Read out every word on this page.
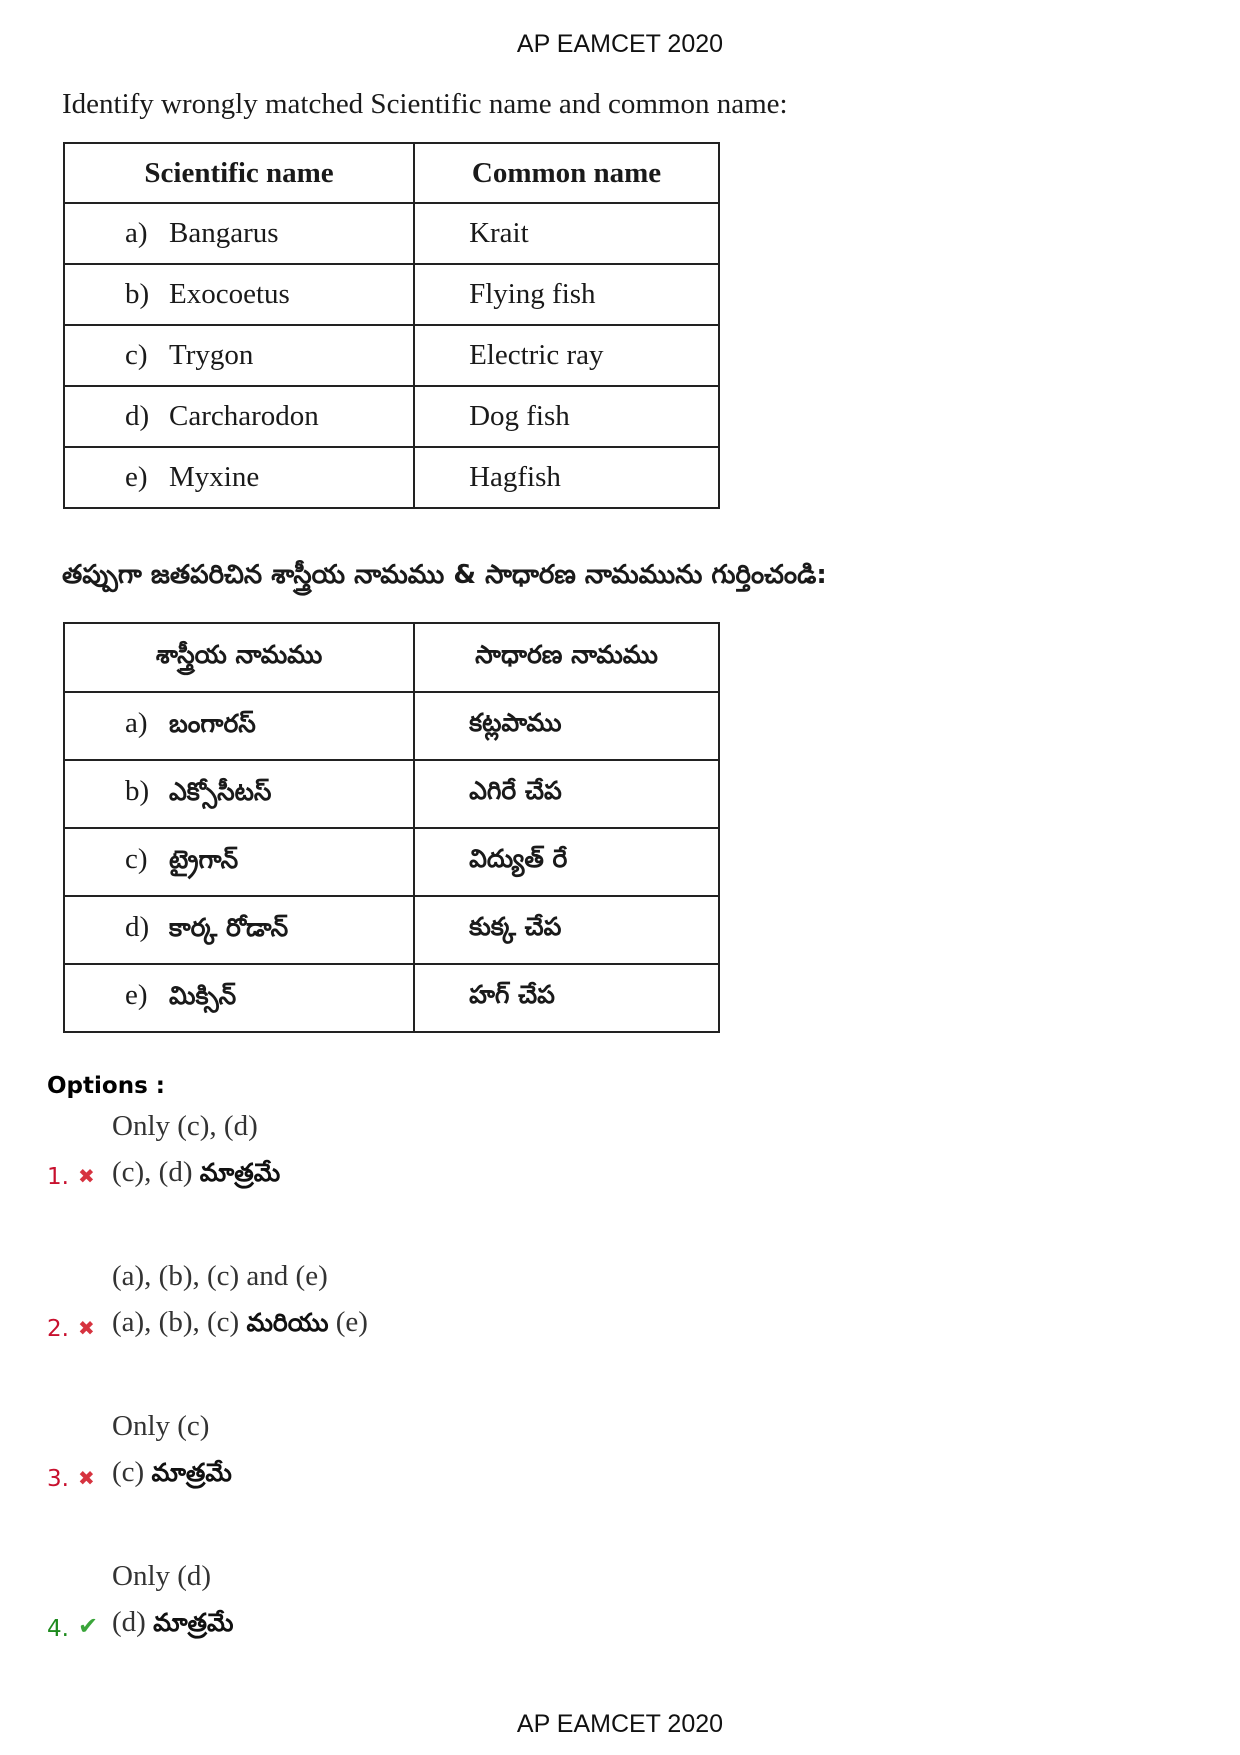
AP EAMCET 2020
Identify wrongly matched Scientific name and common name:
Scientific name	Common name
a) Bangarus	Krait
b) Exocoetus	Flying fish
c) Trygon	Electric ray
d) Carcharodon	Dog fish
e) Myxine	Hagfish
తప్పుగా జతపరిచిన శాస్త్రీయ నామము & సాధారణ నామమును గుర్తించండి:
శాస్త్రీయ నామము	సాధారణ నామము
a) బంగారస్	కట్లపాము
b) ఎక్సోసీటస్	ఎగిరే చేప
c) ట్రైగాన్	విద్యుత్ రే
d) కార్క రోడాన్	కుక్క చేప
e) మిక్సిన్	హగ్ చేప
Options :
Only (c), (d)
1. ✖ (c), (d) మాత్రమే
(a), (b), (c) and (e)
2. ✖ (a), (b), (c) మరియు (e)
Only (c)
3. ✖ (c) మాత్రమే
Only (d)
4. ✔ (d) మాత్రమే
AP EAMCET 2020
